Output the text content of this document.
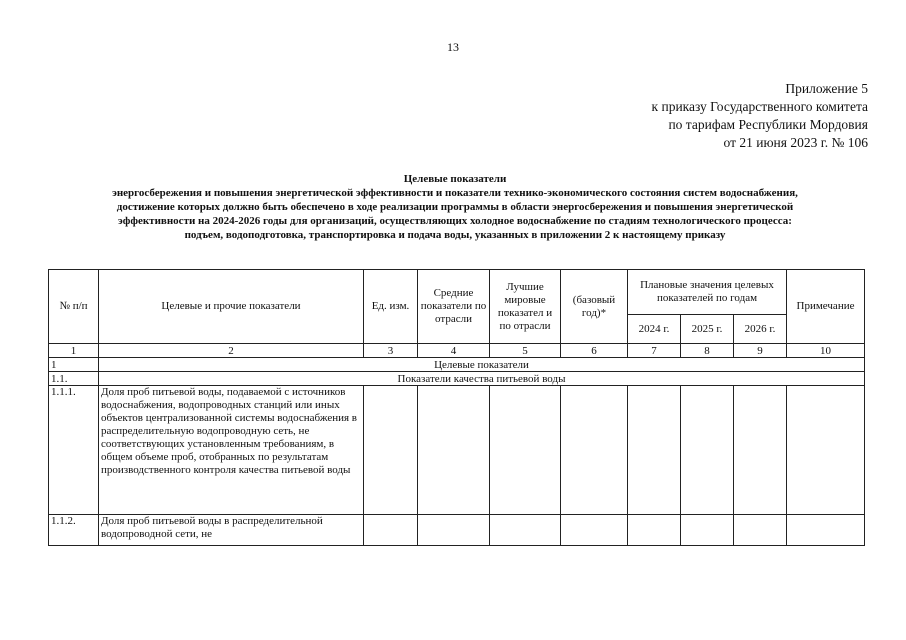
13
Приложение 5
к приказу Государственного комитета
по тарифам Республики Мордовия
от 21 июня 2023 г. № 106
Целевые показатели
энергосбережения и повышения энергетической эффективности и показатели технико-экономического состояния систем водоснабжения,
достижение которых должно быть обеспечено в ходе реализации программы в области энергосбережения и повышения энергетической
эффективности на 2024-2026 годы для организаций, осуществляющих холодное водоснабжение по стадиям технологического процесса:
подъем, водоподготовка, транспортировка и подача воды, указанных в приложении 2 к настоящему приказу
№ п/п	Целевые и прочие показатели	Ед. изм.	Средние показатели по отрасли	Лучшие мировые показател и по отрасли	(базовый год)*	Плановые значения целевых показателей по годам			Примечание
						2024 г.	2025 г.	2026 г.	
1	2	3	4	5	6	7	8	9	10
1	Целевые показатели								
1.1.	Показатели качества питьевой воды								
1.1.1.	Доля проб питьевой воды, подаваемой с источников водоснабжения, водопроводных станций или иных объектов централизованной системы водоснабжения в распределительную водопроводную сеть, не соответствующих установленным требованиям, в общем объеме проб, отобранных по результатам производственного контроля качества питьевой воды								
1.1.2.	Доля проб питьевой воды в распределительной водопроводной сети, не								
